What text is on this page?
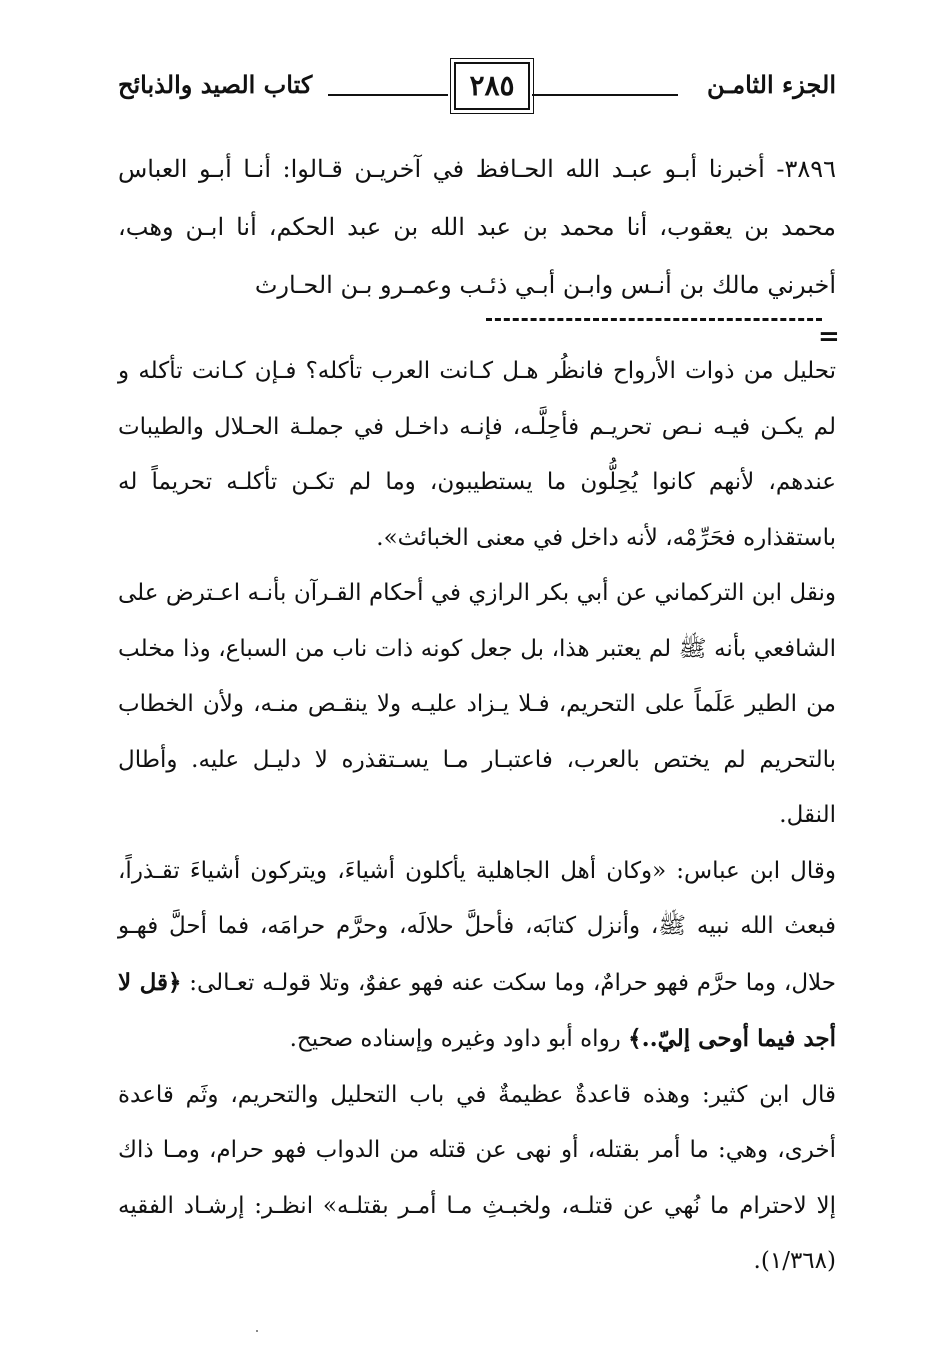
الجزء الثامـن
٢٨٥
كتاب الصيد والذبائح

٣٨٩٦- أخبرنا أبـو عبـد الله الحـافظ في آخريـن قـالوا: أنـا أبـو العباس محمد بن يعقوب، أنا محمد بن عبد الله بن عبد الحكم، أنا ابـن وهب، أخبرني مالك بن أنـس وابـن أبـي ذئـب وعمـرو بـن الحـارث

=

تحليل من ذوات الأرواح فانظُر هـل كـانت العرب تأكله؟ فـإن كـانت تأكله و لم يكـن فيـه نـص تحريـم فأحِلَّـه، فإنـه داخـل في جملـة الحـلال والطيبات عندهم، لأنهم كانوا يُحِلُّون ما يستطيبون، وما لم تكـن تأكلـه تحريماً له باستقذاره فحَرِّمْه، لأنه داخل في معنى الخبائث».

ونقل ابن التركماني عن أبي بكر الرازي في أحكام القـرآن بأنـه اعـترض على الشافعي بأنه ﷺ لم يعتبر هذا، بل جعل كونه ذات ناب من السباع، وذا مخلب من الطير عَلَماً على التحريم، فـلا يـزاد عليـه ولا ينقـص منـه، ولأن الخطاب بالتحريم لم يختص بالعرب، فاعتبـار مـا يسـتقذره لا دليـل عليه. وأطال النقل.

وقال ابن عباس: «وكان أهل الجاهلية يأكلون أشياءَ، ويتركون أشياءَ تقـذراً، فبعث الله نبيه ﷺ، وأنزل كتابَه، فأحلَّ حلالَه، وحرَّم حرامَه، فما أحلَّ فهـو حلال، وما حرَّم فهو حرامٌ، وما سكت عنه فهو عفوٌ، وتلا قولـه تعـالى: ﴿قل لا أجد فيما أوحى إليّ..﴾ رواه أبو داود وغيره وإسناده صحيح.

قال ابن كثير: وهذه قاعدةٌ عظيمةٌ في باب التحليل والتحريم، وثَم قاعدة أخرى، وهي: ما أمر بقتله، أو نهى عن قتله من الدواب فهو حرام، ومـا ذاك إلا لاحترام ما نُهي عن قتلـه، ولخبـثِ مـا أمـر بقتلـه» انظـر: إرشـاد الفقيه (١/٣٦٨).
